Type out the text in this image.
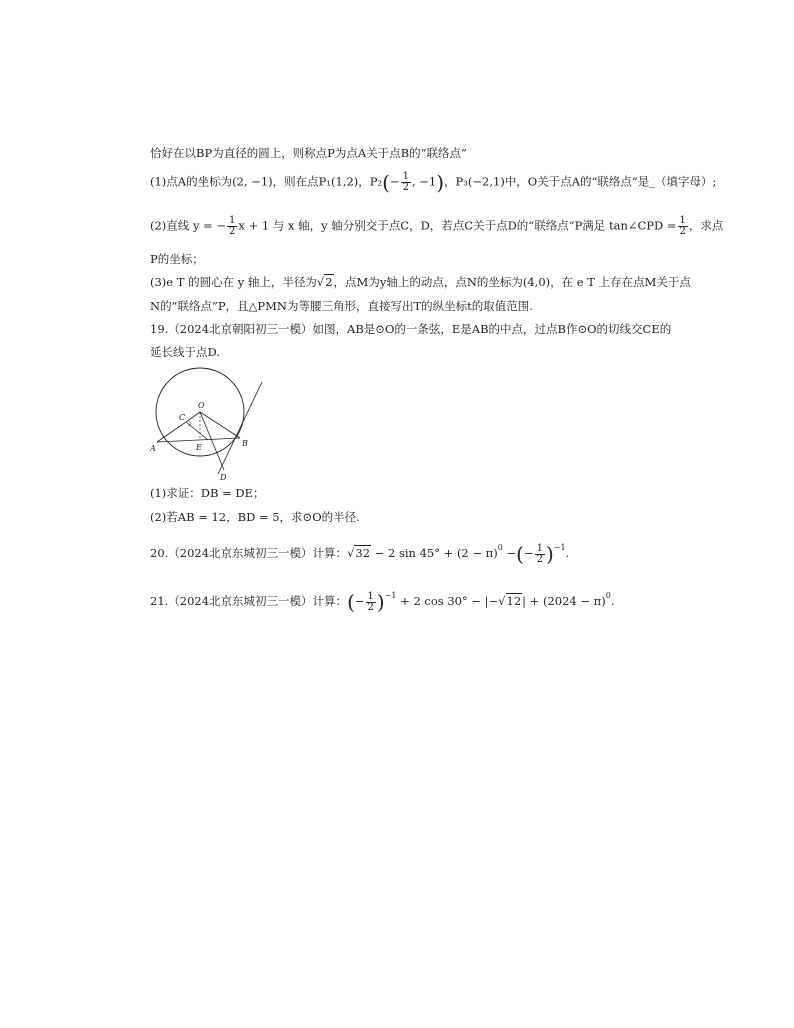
恰好在以BP为直径的圆上，则称点P为点A关于点B的“联络点”
(1)点A的坐标为(2, −1)，则在点P₁(1,2)，$P_2(- \frac{1}{2}$ , −1)，P₃(−2,1)中，O关于点A的“联络点”是_（填字母）;
(2)直线 y = − $\frac{1}{2}$ x + 1 与 x 轴，y 轴分别交于点C，D，若点C关于点D的“联络点”P满足 tan∠CPD = $\frac{1}{2}$ ，求点
P的坐标；
(3)e T 的圆心在 y 轴上，半径为√2，点M为y轴上的动点，点N的坐标为(4,0)，在 e T 上存在点M关于点
N的“联络点”P，且△PMN为等腰三角形，直接写出T的纵坐标t的取值范围.
19.（2024北京朝阳初三一模）如图，AB是⊙O的一条弦，E是AB的中点，过点B作⊙O的切线交CE的
延长线于点D.
O
C
A	E	B
D
(1)求证：DB = DE；
(2)若AB = 12，BD = 5，求⊙O的半径.
20.（2024北京东城初三一模）计算：√32 − 2 $\sin 45^\circ + (2 - \pi)^0$ −(− $\frac{1}{2} )^{-1}$.
21.（2024北京东城初三一模）计算：(− $\frac{1}{2} )^{-1} + 2$ $\cos 30^\circ - |-√12| + (2024 - \pi)^0$.
